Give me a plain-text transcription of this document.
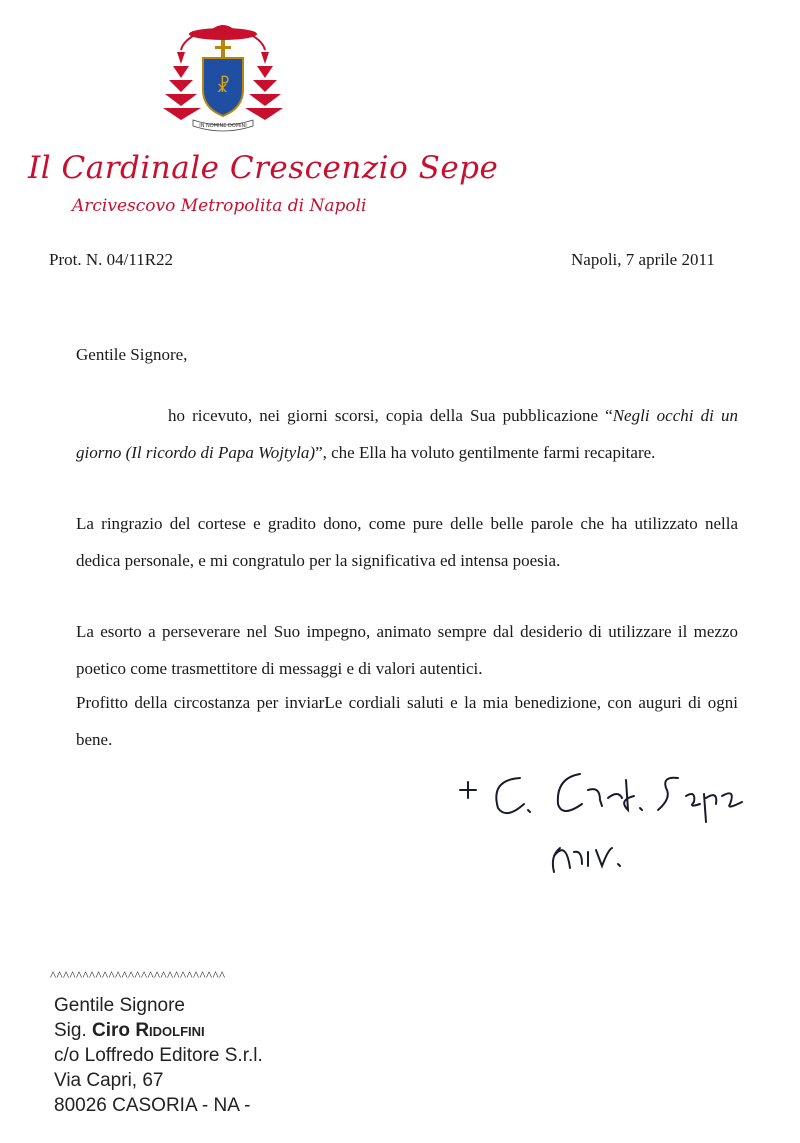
☧
IN NOMINE DOMINI
Il Cardinale Crescenzio Sepe
Arcivescovo Metropolita di Napoli
Prot. N. 04/11R22	Napoli, 7 aprile 2011
Gentile Signore,
ho ricevuto, nei giorni scorsi, copia della Sua pubblicazione “Negli occhi di un giorno (Il ricordo di Papa Wojtyla)”, che Ella ha voluto gentilmente farmi recapitare.
La ringrazio del cortese e gradito dono, come pure delle belle parole che ha utilizzato nella dedica personale, e mi congratulo per la significativa ed intensa poesia.
La esorto a perseverare nel Suo impegno, animato sempre dal desiderio di utilizzare il mezzo poetico come trasmettitore di messaggi e di valori autentici.
Profitto della circostanza per inviarLe cordiali saluti e la mia benedizione, con auguri di ogni bene.
^^^^^^^^^^^^^^^^^^^^^^^^^^^
Gentile Signore
Sig. Ciro Ridolfini
c/o Loffredo Editore S.r.l.
Via Capri, 67
80026 CASORIA - NA -
